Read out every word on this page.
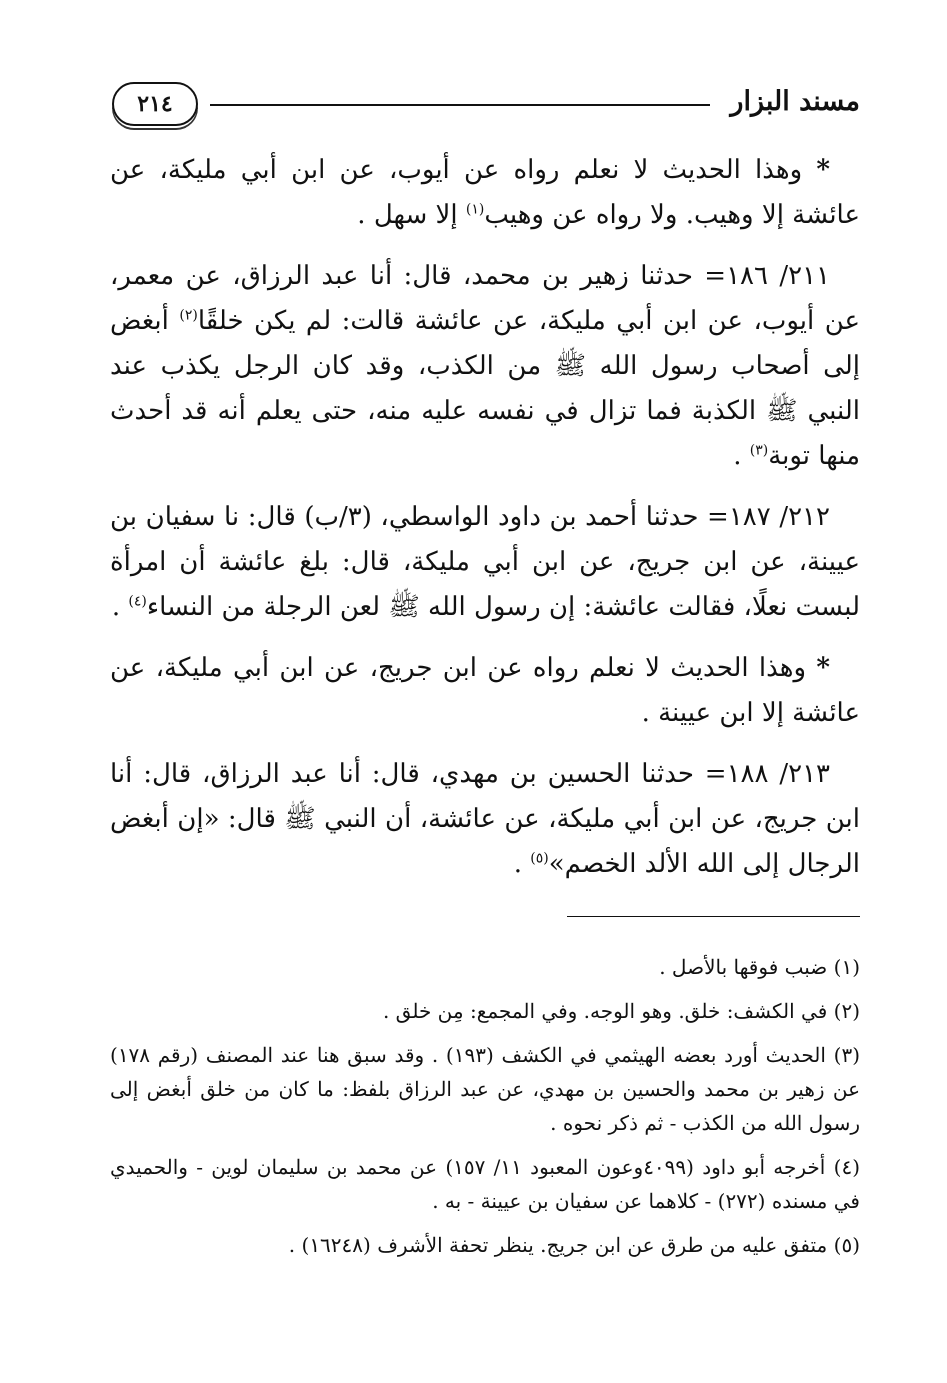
مسند البزار
٢١٤

* وهذا الحديث لا نعلم رواه عن أيوب، عن ابن أبي مليكة، عن عائشة إلا وهيب. ولا رواه عن وهيب$^{(١)}$ إلا سهل .

٢١١/ ١٨٦= حدثنا زهير بن محمد، قال: أنا عبد الرزاق، عن معمر، عن أيوب، عن ابن أبي مليكة، عن عائشة قالت: لم يكن خلقًا$^{(٢)}$ أبغض إلى أصحاب رسول الله ﷺ من الكذب، وقد كان الرجل يكذب عند النبي ﷺ الكذبة فما تزال في نفسه عليه منه، حتى يعلم أنه قد أحدث منها توبة$^{(٣)}$ .

٢١٢/ ١٨٧= حدثنا أحمد بن داود الواسطي، (٣/ب) قال: نا سفيان بن عيينة، عن ابن جريج، عن ابن أبي مليكة، قال: بلغ عائشة أن امرأة لبست نعلًا، فقالت عائشة: إن رسول الله ﷺ لعن الرجلة من النساء$^{(٤)}$ .

* وهذا الحديث لا نعلم رواه عن ابن جريج، عن ابن أبي مليكة، عن عائشة إلا ابن عيينة .

٢١٣/ ١٨٨= حدثنا الحسين بن مهدي، قال: أنا عبد الرزاق، قال: أنا ابن جريج، عن ابن أبي مليكة، عن عائشة، أن النبي ﷺ قال: «إن أبغض الرجال إلى الله الألد الخصم»$^{(٥)}$ .

(١) ضبب فوقها بالأصل .

(٢) في الكشف: خلق. وهو الوجه. وفي المجمع: مِن خلق .

(٣) الحديث أورد بعضه الهيثمي في الكشف (١٩٣) . وقد سبق هنا عند المصنف (رقم ١٧٨) عن زهير بن محمد والحسين بن مهدي، عن عبد الرزاق بلفظ: ما كان من خلق أبغض إلى رسول الله من الكذب - ثم ذكر نحوه .

(٤) أخرجه أبو داود (٤٠٩٩وعون المعبود ١١/ ١٥٧) عن محمد بن سليمان لوين - والحميدي في مسنده (٢٧٢) - كلاهما عن سفيان بن عيينة - به .

(٥) متفق عليه من طرق عن ابن جريج. ينظر تحفة الأشرف (١٦٢٤٨) .
